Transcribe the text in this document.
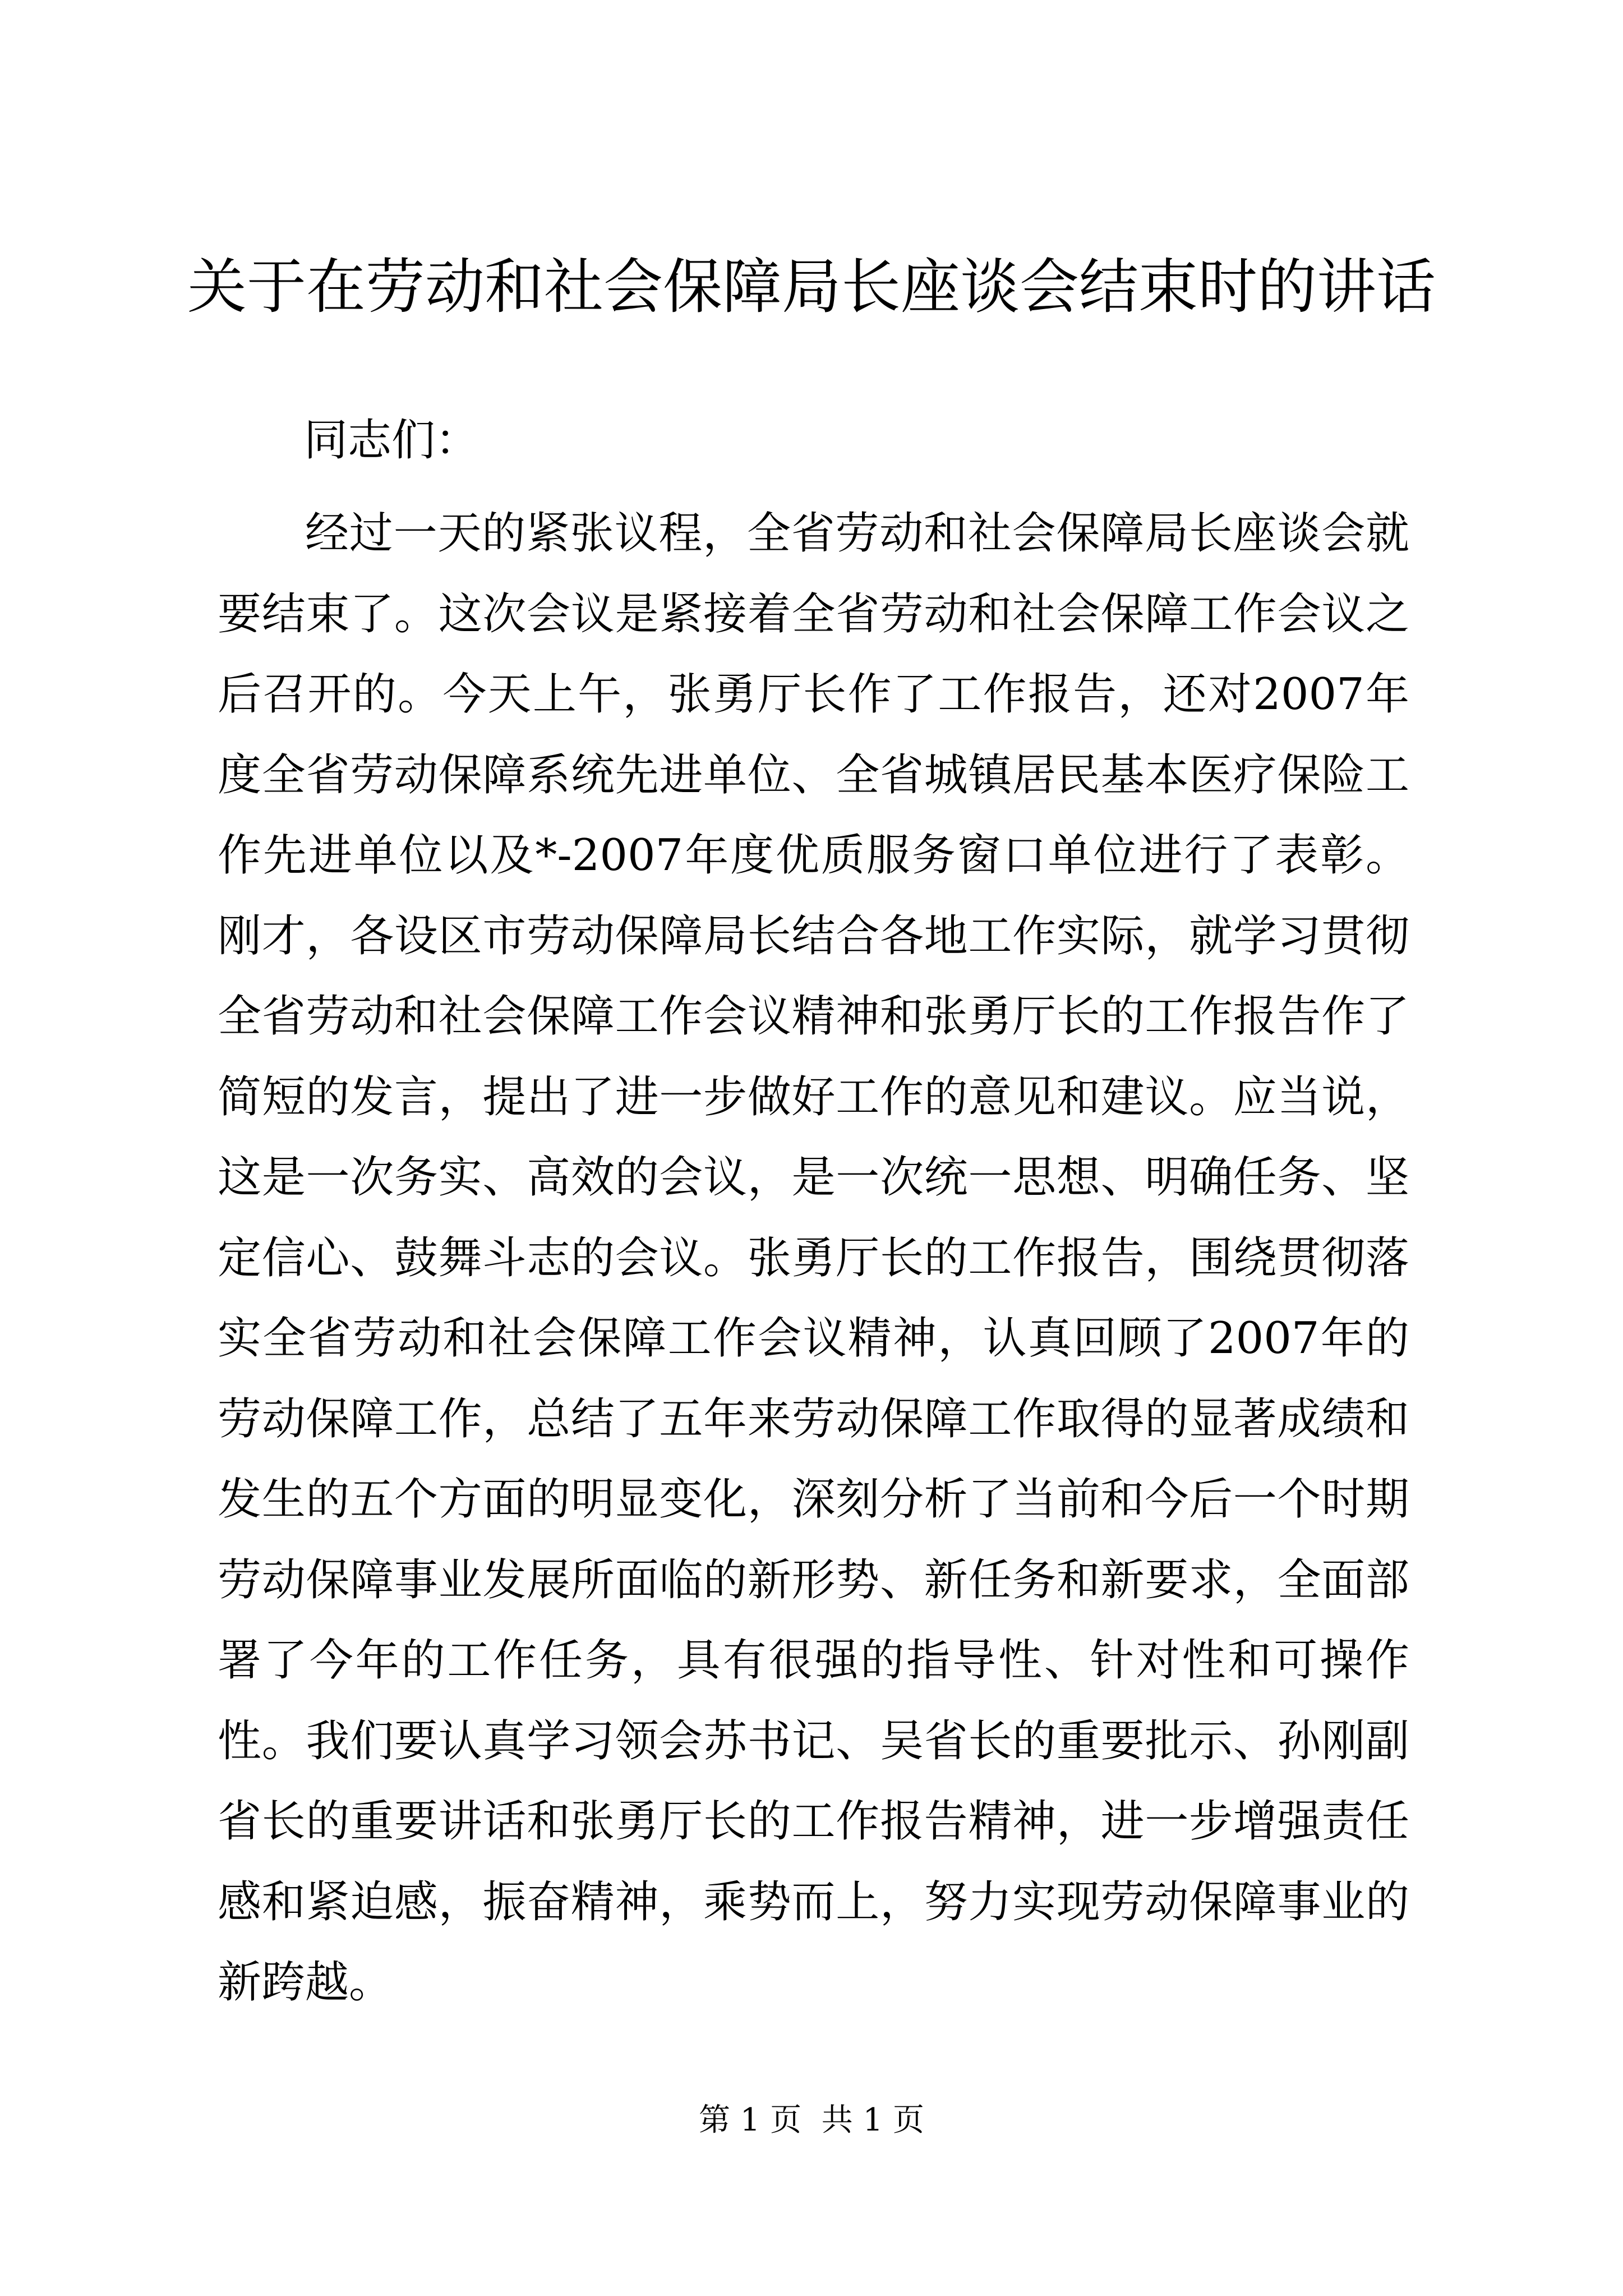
关于在劳动和社会保障局长座谈会结束时的讲话

同志们：

经过一天的紧张议程，全省劳动和社会保障局长座谈会就要结束了。这次会议是紧接着全省劳动和社会保障工作会议之后召开的。今天上午，张勇厅长作了工作报告，还对2007年度全省劳动保障系统先进单位、全省城镇居民基本医疗保险工作先进单位以及*-2007年度优质服务窗口单位进行了表彰。刚才，各设区市劳动保障局长结合各地工作实际，就学习贯彻全省劳动和社会保障工作会议精神和张勇厅长的工作报告作了简短的发言，提出了进一步做好工作的意见和建议。应当说，这是一次务实、高效的会议，是一次统一思想、明确任务、坚定信心、鼓舞斗志的会议。张勇厅长的工作报告，围绕贯彻落实全省劳动和社会保障工作会议精神，认真回顾了2007年的劳动保障工作，总结了五年来劳动保障工作取得的显著成绩和发生的五个方面的明显变化，深刻分析了当前和今后一个时期劳动保障事业发展所面临的新形势、新任务和新要求，全面部署了今年的工作任务，具有很强的指导性、针对性和可操作性。我们要认真学习领会苏书记、吴省长的重要批示、孙刚副省长的重要讲话和张勇厅长的工作报告精神，进一步增强责任感和紧迫感，振奋精神，乘势而上，努力实现劳动保障事业的新跨越。

第 1 页  共 1 页
